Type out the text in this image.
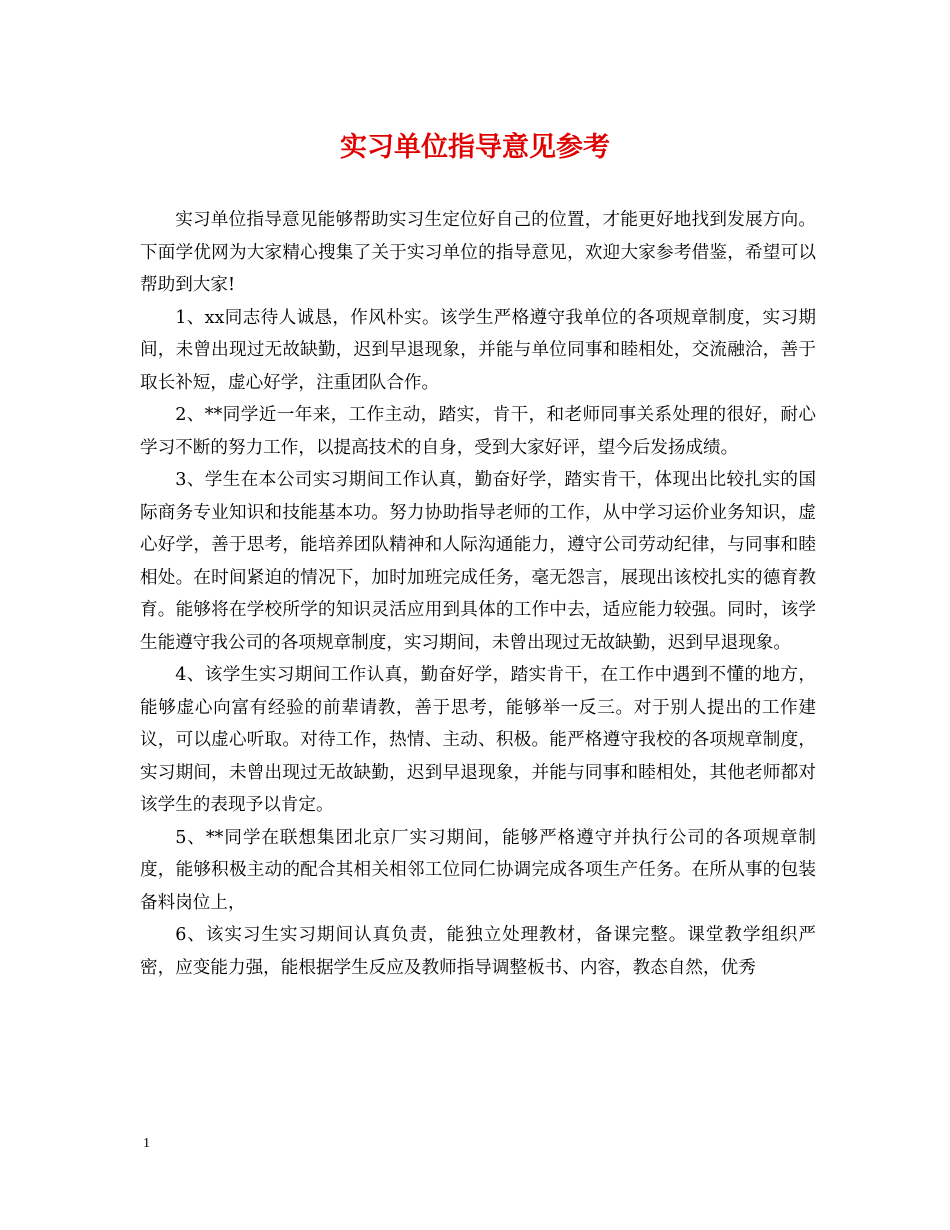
实习单位指导意见参考

实习单位指导意见能够帮助实习生定位好自己的位置，才能更好地找到发展方向。下面学优网为大家精心搜集了关于实习单位的指导意见，欢迎大家参考借鉴，希望可以帮助到大家!

1、xx同志待人诚恳，作风朴实。该学生严格遵守我单位的各项规章制度，实习期间，未曾出现过无故缺勤，迟到早退现象，并能与单位同事和睦相处，交流融洽，善于取长补短，虚心好学，注重团队合作。

2、**同学近一年来，工作主动，踏实，肯干，和老师同事关系处理的很好，耐心学习不断的努力工作，以提高技术的自身，受到大家好评，望今后发扬成绩。

3、学生在本公司实习期间工作认真，勤奋好学，踏实肯干，体现出比较扎实的国际商务专业知识和技能基本功。努力协助指导老师的工作，从中学习运价业务知识，虚心好学，善于思考，能培养团队精神和人际沟通能力，遵守公司劳动纪律，与同事和睦相处。在时间紧迫的情况下，加时加班完成任务，毫无怨言，展现出该校扎实的德育教育。能够将在学校所学的知识灵活应用到具体的工作中去，适应能力较强。同时，该学生能遵守我公司的各项规章制度，实习期间，未曾出现过无故缺勤，迟到早退现象。

4、该学生实习期间工作认真，勤奋好学，踏实肯干，在工作中遇到不懂的地方，能够虚心向富有经验的前辈请教，善于思考，能够举一反三。对于别人提出的工作建议，可以虚心听取。对待工作，热情、主动、积极。能严格遵守我校的各项规章制度，实习期间，未曾出现过无故缺勤，迟到早退现象，并能与同事和睦相处，其他老师都对该学生的表现予以肯定。

5、**同学在联想集团北京厂实习期间，能够严格遵守并执行公司的各项规章制度，能够积极主动的配合其相关相邻工位同仁协调完成各项生产任务。在所从事的包装备料岗位上，

6、该实习生实习期间认真负责，能独立处理教材，备课完整。课堂教学组织严密，应变能力强，能根据学生反应及教师指导调整板书、内容，教态自然，优秀

1
